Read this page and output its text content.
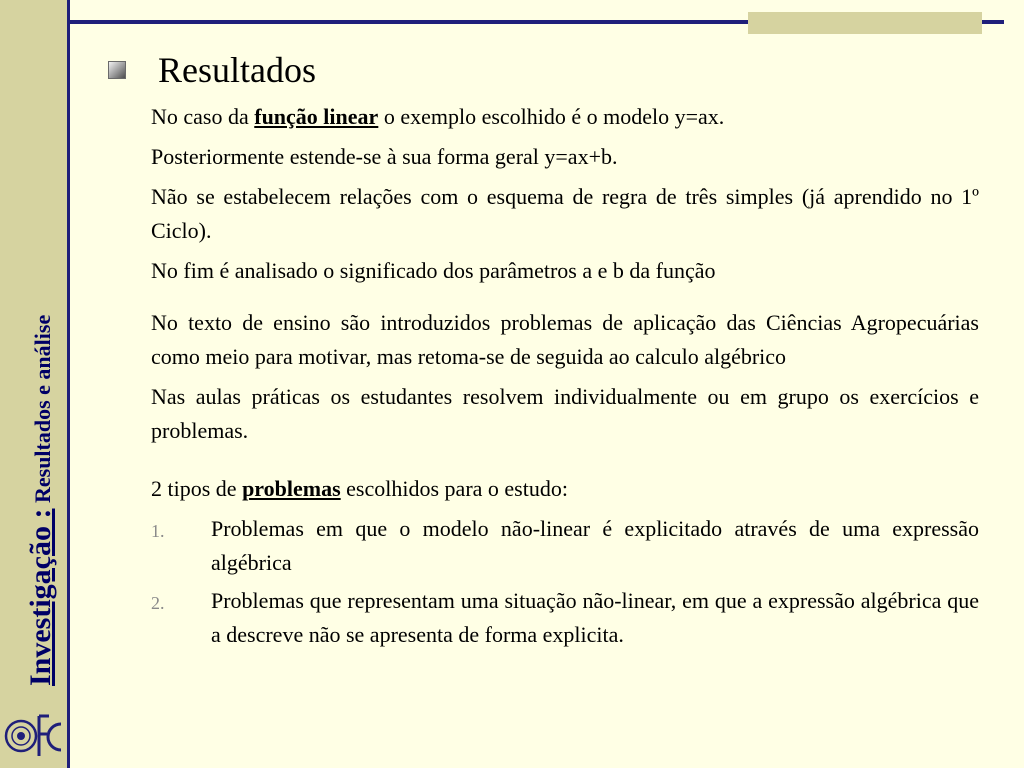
Investigação : Resultados e análise
Resultados

No caso da função linear o exemplo escolhido é o modelo y=ax.

Posteriormente estende-se à sua forma geral y=ax+b.

Não se estabelecem relações com o esquema de regra de três simples (já aprendido no 1º Ciclo).

No fim é analisado o significado dos parâmetros a e b da função

No texto de ensino são introduzidos problemas de aplicação das Ciências Agropecuárias como meio para motivar, mas retoma-se de seguida ao calculo algébrico

Nas aulas práticas os estudantes resolvem individualmente ou em grupo os exercícios e problemas.

2 tipos de problemas escolhidos para o estudo:

1.	Problemas em que o modelo não-linear é explicitado através de uma expressão algébrica
2.	Problemas que representam uma situação não-linear, em que a expressão algébrica que a descreve não se apresenta de forma explicita.
